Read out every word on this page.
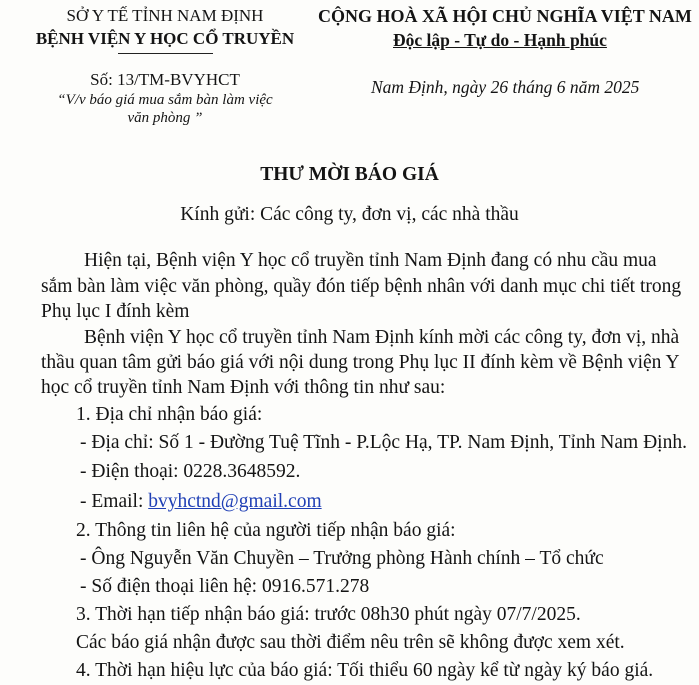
SỞ Y TẾ TỈNH NAM ĐỊNH
BỆNH VIỆN Y HỌC CỔ TRUYỀN
Số: 13/TM-BVYHCT
“V/v báo giá mua sắm bàn làm việc
văn phòng ”
CỘNG HOÀ XÃ HỘI CHỦ NGHĨA VIỆT NAM
Độc lập - Tự do - Hạnh phúc
Nam Định, ngày 26 tháng 6 năm 2025
THƯ MỜI BÁO GIÁ
Kính gửi: Các công ty, đơn vị, các nhà thầu
Hiện tại, Bệnh viện Y học cổ truyền tỉnh Nam Định đang có nhu cầu mua
sắm bàn làm việc văn phòng, quầy đón tiếp bệnh nhân với danh mục chi tiết trong
Phụ lục I đính kèm
Bệnh viện Y học cổ truyền tỉnh Nam Định kính mời các công ty, đơn vị, nhà
thầu quan tâm gửi báo giá với nội dung trong Phụ lục II đính kèm về Bệnh viện Y
học cổ truyền tỉnh Nam Định với thông tin như sau:
1. Địa chỉ nhận báo giá:
- Địa chỉ: Số 1 - Đường Tuệ Tĩnh - P.Lộc Hạ, TP. Nam Định, Tỉnh Nam Định.
- Điện thoại: 0228.3648592.
- Email: bvyhctnd@gmail.com
2. Thông tin liên hệ của người tiếp nhận báo giá:
- Ông Nguyễn Văn Chuyền – Trưởng phòng Hành chính – Tổ chức
- Số điện thoại liên hệ: 0916.571.278
3. Thời hạn tiếp nhận báo giá: trước 08h30 phút ngày 07/7/2025.
Các báo giá nhận được sau thời điểm nêu trên sẽ không được xem xét.
4. Thời hạn hiệu lực của báo giá: Tối thiểu 60 ngày kể từ ngày ký báo giá.
